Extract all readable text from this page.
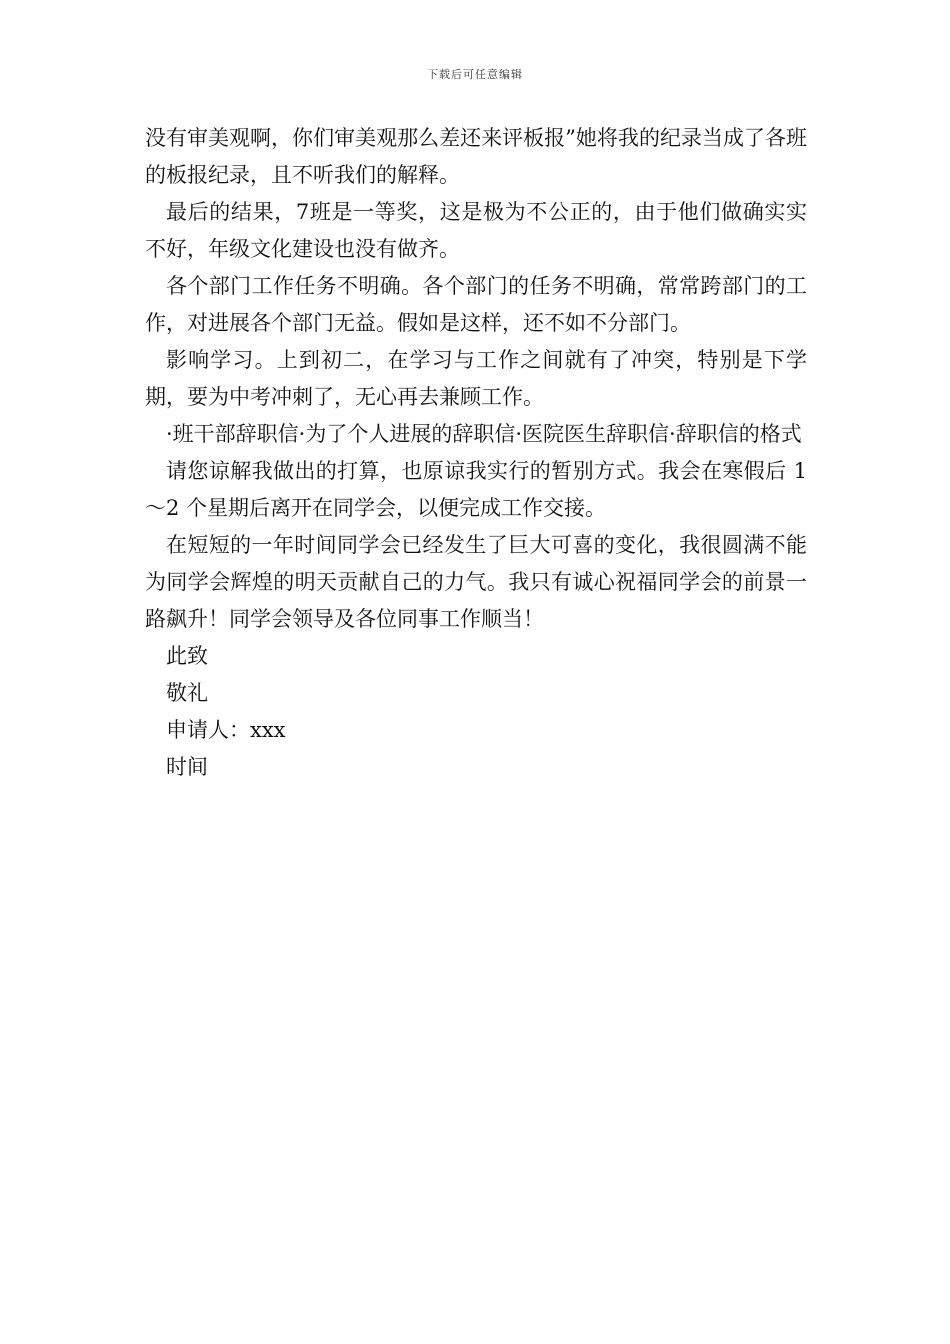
下载后可任意编辑

没有审美观啊，你们审美观那么差还来评板报”她将我的纪录当成了各班的板报纪录，且不听我们的解释。

最后的结果，7班是一等奖，这是极为不公正的，由于他们做确实实不好，年级文化建设也没有做齐。

各个部门工作任务不明确。各个部门的任务不明确，常常跨部门的工作，对进展各个部门无益。假如是这样，还不如不分部门。

影响学习。上到初二，在学习与工作之间就有了冲突，特别是下学期，要为中考冲刺了，无心再去兼顾工作。

·班干部辞职信·为了个人进展的辞职信·医院医生辞职信·辞职信的格式

请您谅解我做出的打算，也原谅我实行的暂别方式。我会在寒假后 1～2 个星期后离开在同学会，以便完成工作交接。

在短短的一年时间同学会已经发生了巨大可喜的变化，我很圆满不能为同学会辉煌的明天贡献自己的力气。我只有诚心祝福同学会的前景一路飙升！同学会领导及各位同事工作顺当！

此致

敬礼

申请人：xxx

时间
